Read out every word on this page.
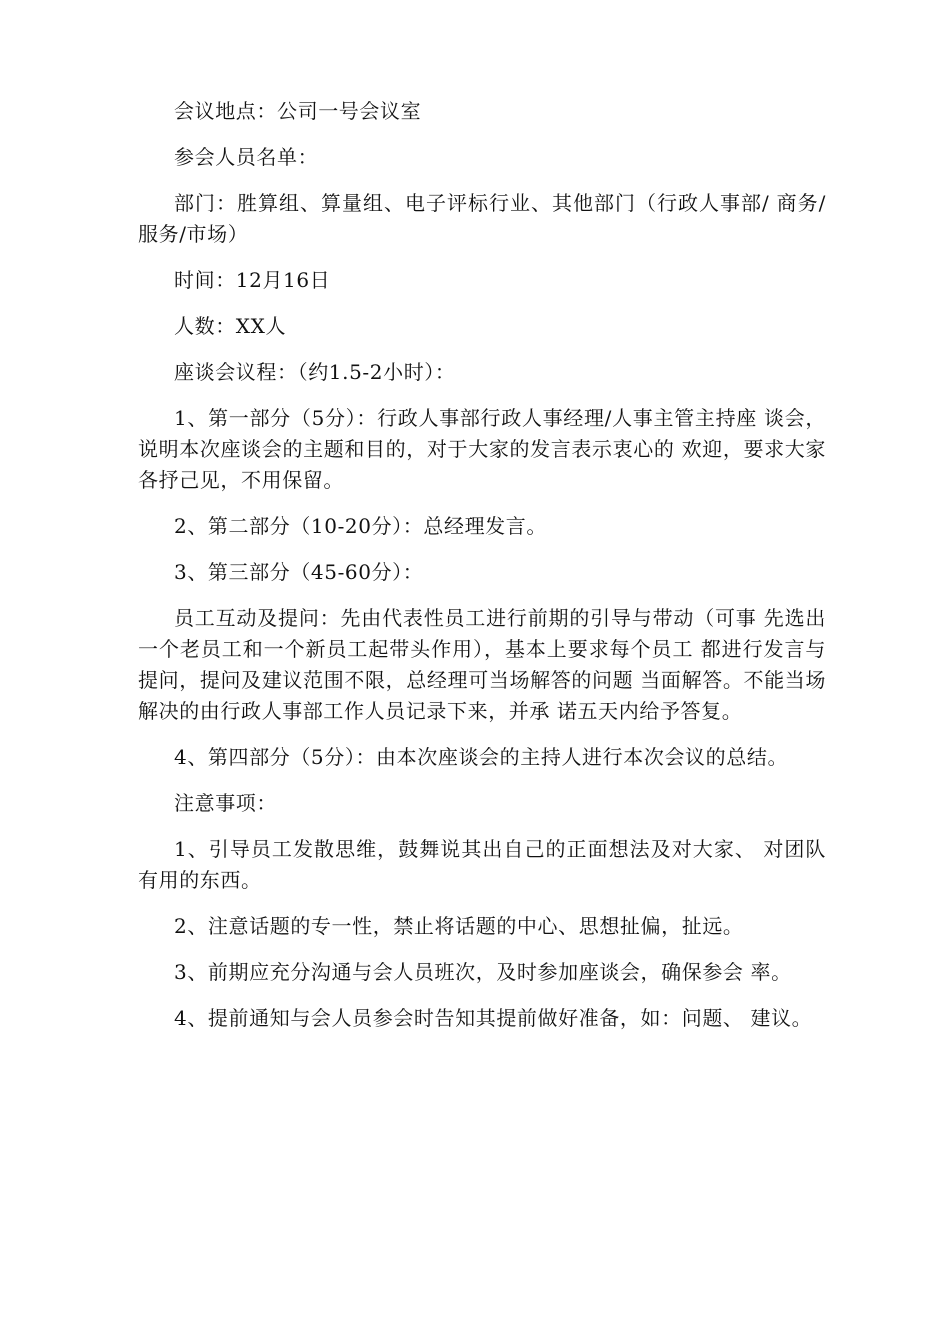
会议地点：公司一号会议室

参会人员名单：

部门：胜算组、算量组、电子评标行业、其他部门（行政人事部/ 商务/服务/市场）

时间：12月16日

人数：XX人

座谈会议程：（约1.5-2小时）：

1、第一部分（5分）：行政人事部行政人事经理/人事主管主持座 谈会，说明本次座谈会的主题和目的，对于大家的发言表示衷心的 欢迎，要求大家各抒己见，不用保留。

2、第二部分（10-20分）：总经理发言。

3、第三部分（45-60分）：

员工互动及提问：先由代表性员工进行前期的引导与带动（可事 先选出一个老员工和一个新员工起带头作用），基本上要求每个员工 都进行发言与提问，提问及建议范围不限，总经理可当场解答的问题 当面解答。不能当场解决的由行政人事部工作人员记录下来，并承 诺五天内给予答复。

4、第四部分（5分）：由本次座谈会的主持人进行本次会议的总结。

注意事项：

1、引导员工发散思维，鼓舞说其出自己的正面想法及对大家、 对团队有用的东西。

2、注意话题的专一性，禁止将话题的中心、思想扯偏，扯远。

3、前期应充分沟通与会人员班次，及时参加座谈会，确保参会 率。

4、提前通知与会人员参会时告知其提前做好准备，如：问题、 建议。
